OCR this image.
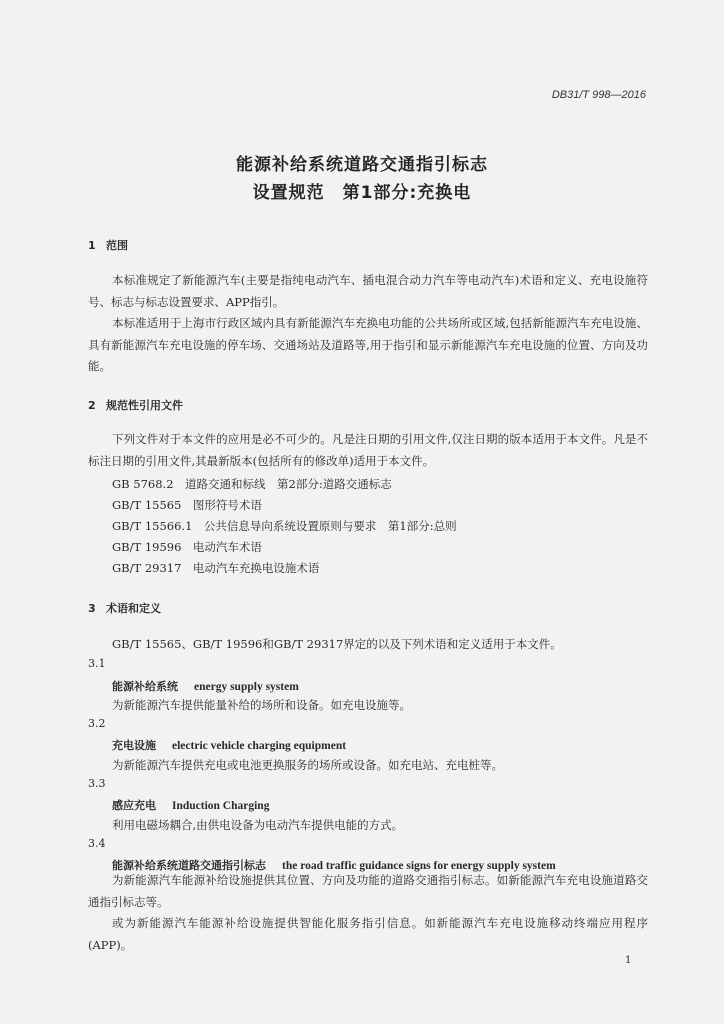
DB31/T 998—2016
能源补给系统道路交通指引标志
设置规范　第1部分:充换电
1 范围

本标准规定了新能源汽车(主要是指纯电动汽车、插电混合动力汽车等电动汽车)术语和定义、充电设施符号、标志与标志设置要求、APP指引。

本标准适用于上海市行政区域内具有新能源汽车充换电功能的公共场所或区域,包括新能源汽车充电设施、具有新能源汽车充电设施的停车场、交通场站及道路等,用于指引和显示新能源汽车充电设施的位置、方向及功能。

2 规范性引用文件

下列文件对于本文件的应用是必不可少的。凡是注日期的引用文件,仅注日期的版本适用于本文件。凡是不标注日期的引用文件,其最新版本(包括所有的修改单)适用于本文件。

GB 5768.2　道路交通和标线　第2部分:道路交通标志
GB/T 15565　图形符号术语
GB/T 15566.1　公共信息导向系统设置原则与要求　第1部分:总则
GB/T 19596　电动汽车术语
GB/T 29317　电动汽车充换电设施术语
3 术语和定义
GB/T 15565、GB/T 19596和GB/T 29317界定的以及下列术语和定义适用于本文件。
3.1
能源补给系统 energy supply system
为新能源汽车提供能量补给的场所和设备。如充电设施等。
3.2
充电设施 electric vehicle charging equipment
为新能源汽车提供充电或电池更换服务的场所或设备。如充电站、充电桩等。
3.3
感应充电 Induction Charging
利用电磁场耦合,由供电设备为电动汽车提供电能的方式。
3.4
能源补给系统道路交通指引标志 the road traffic guidance signs for energy supply system

为新能源汽车能源补给设施提供其位置、方向及功能的道路交通指引标志。如新能源汽车充电设施道路交通指引标志等。

或为新能源汽车能源补给设施提供智能化服务指引信息。如新能源汽车充电设施移动终端应用程序(APP)。

1
